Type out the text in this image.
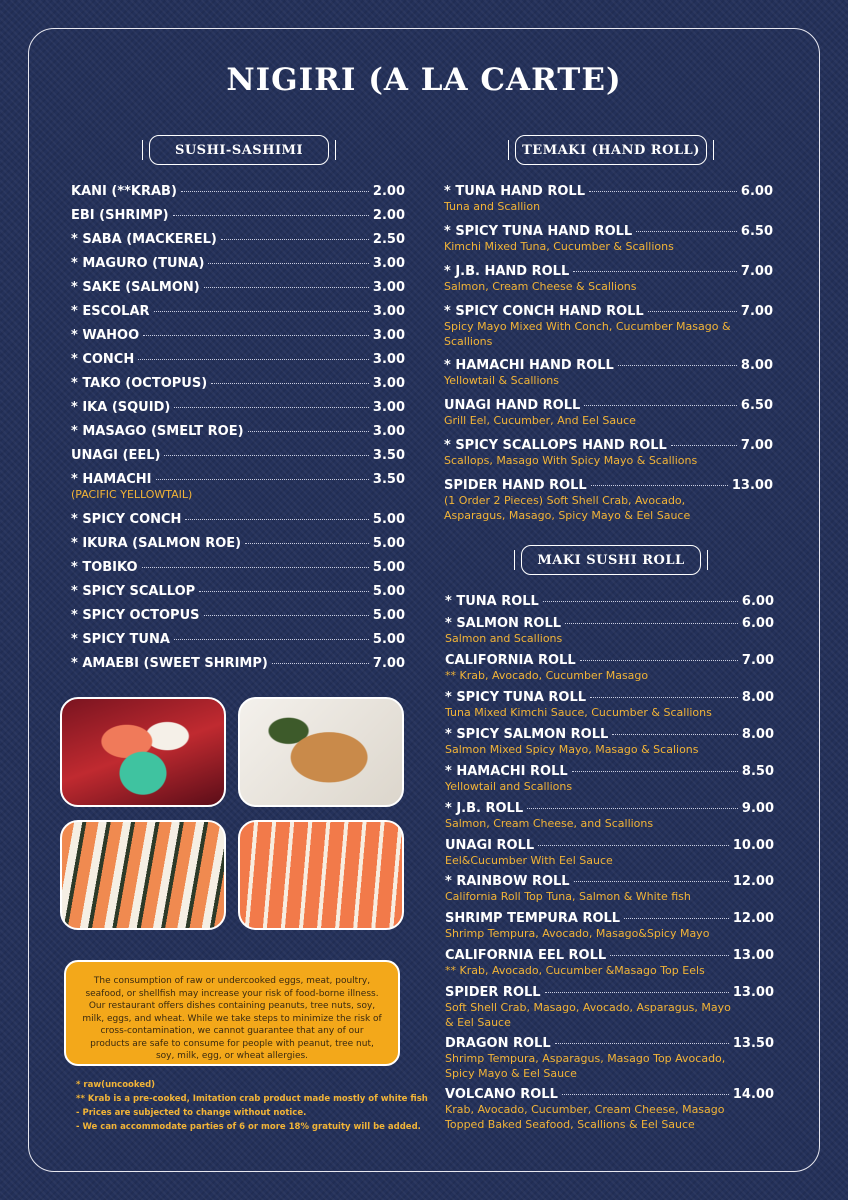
NIGIRI (A LA CARTE)
SUSHI-SASHIMI	TEMAKI (HAND ROLL)
MAKI SUSHI ROLL
KANI (**KRAB)	2.00
EBI (SHRIMP)	2.00
* SABA (MACKEREL)	2.50
* MAGURO (TUNA)	3.00
* SAKE (SALMON)	3.00
* ESCOLAR	3.00
* WAHOO	3.00
* CONCH	3.00
* TAKO (OCTOPUS)	3.00
* IKA (SQUID)	3.00
* MASAGO (SMELT ROE)	3.00
UNAGI (EEL)	3.50
* HAMACHI	3.50
(PACIFIC YELLOWTAIL)
* SPICY CONCH	5.00
* IKURA (SALMON ROE)	5.00
* TOBIKO	5.00
* SPICY SCALLOP	5.00
* SPICY OCTOPUS	5.00
* SPICY TUNA	5.00
* AMAEBI (SWEET SHRIMP)	7.00
* TUNA HAND ROLL	6.00
Tuna and Scallion
* SPICY TUNA HAND ROLL	6.50
Kimchi Mixed Tuna, Cucumber & Scallions
* J.B. HAND ROLL	7.00
Salmon, Cream Cheese & Scallions
* SPICY CONCH HAND ROLL	7.00
Spicy Mayo Mixed With Conch, Cucumber Masago & Scallions
* HAMACHI HAND ROLL	8.00
Yellowtail & Scallions
UNAGI HAND ROLL	6.50
Grill Eel, Cucumber, And Eel Sauce
* SPICY SCALLOPS HAND ROLL	7.00
Scallops, Masago With Spicy Mayo & Scallions
SPIDER HAND ROLL	13.00
(1 Order 2 Pieces) Soft Shell Crab, Avocado, Asparagus, Masago, Spicy Mayo & Eel Sauce
* TUNA ROLL	6.00
* SALMON ROLL	6.00
Salmon and Scallions
CALIFORNIA ROLL	7.00
** Krab, Avocado, Cucumber Masago
* SPICY TUNA ROLL	8.00
Tuna Mixed Kimchi Sauce, Cucumber & Scallions
* SPICY SALMON ROLL	8.00
Salmon Mixed Spicy Mayo, Masago & Scalions
* HAMACHI ROLL	8.50
Yellowtail and Scallions
* J.B. ROLL	9.00
Salmon, Cream Cheese, and Scallions
UNAGI ROLL	10.00
Eel&Cucumber With Eel Sauce
* RAINBOW ROLL	12.00
California Roll Top Tuna, Salmon & White fish
SHRIMP TEMPURA ROLL	12.00
Shrimp Tempura, Avocado, Masago&Spicy Mayo
CALIFORNIA EEL ROLL	13.00
** Krab, Avocado, Cucumber &Masago Top Eels
SPIDER ROLL	13.00
Soft Shell Crab, Masago, Avocado, Asparagus, Mayo & Eel Sauce
DRAGON ROLL	13.50
Shrimp Tempura, Asparagus, Masago Top Avocado, Spicy Mayo & Eel Sauce
VOLCANO ROLL	14.00
Krab, Avocado, Cucumber, Cream Cheese, Masago Topped Baked Seafood, Scallions & Eel Sauce
The consumption of raw or undercooked eggs, meat, poultry, seafood, or shellfish may increase your risk of food-borne illness. Our restaurant offers dishes containing peanuts, tree nuts, soy, milk, eggs, and wheat. While we take steps to minimize the risk of cross-contamination, we cannot guarantee that any of our products are safe to consume for people with peanut, tree nut, soy, milk, egg, or wheat allergies.
* raw(uncooked)
** Krab is a pre-cooked, Imitation crab product made mostly of white fish
- Prices are subjected to change without notice.
- We can accommodate parties of 6 or more 18% gratuity will be added.
